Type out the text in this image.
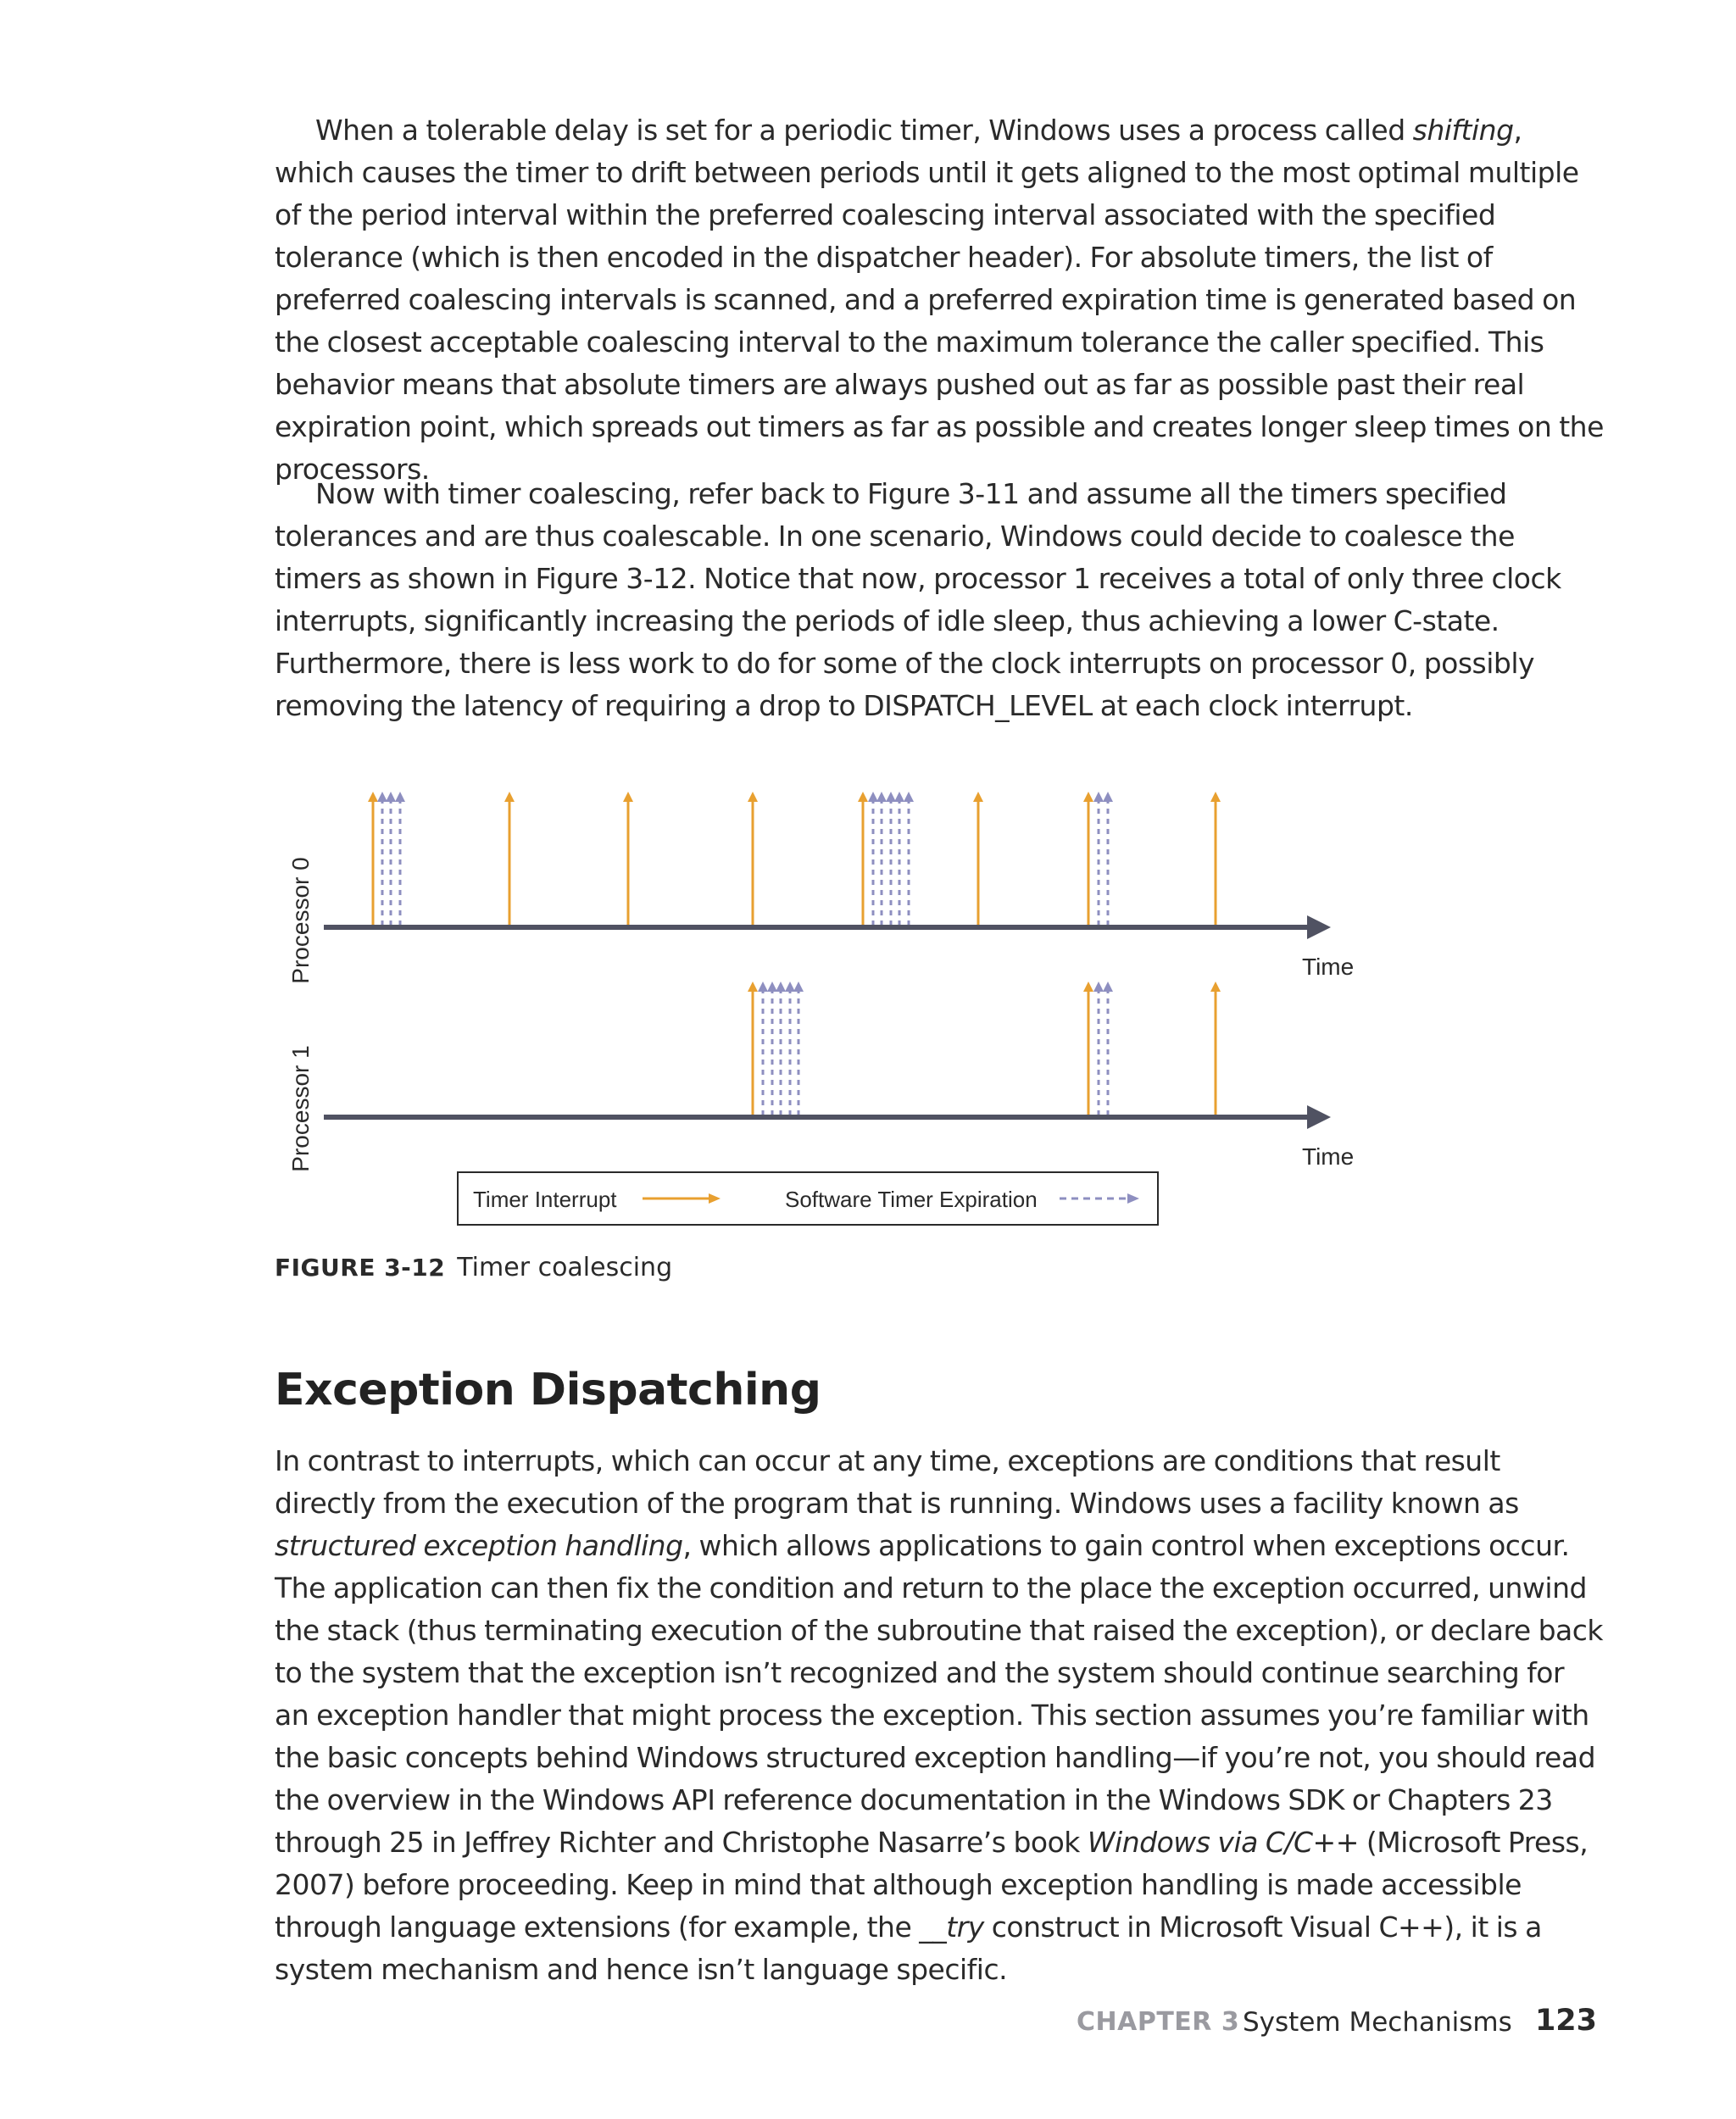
When a tolerable delay is set for a periodic timer, Windows uses a process called shifting, which causes the timer to drift between periods until it gets aligned to the most optimal multiple of the period interval within the preferred coalescing interval associated with the specified tolerance (which is then encoded in the dispatcher header). For absolute timers, the list of preferred coalescing intervals is scanned, and a preferred expiration time is generated based on the closest acceptable coalescing interval to the maximum tolerance the caller specified. This behavior means that absolute timers are always pushed out as far as possible past their real expiration point, which spreads out timers as far as possible and creates longer sleep times on the processors.

Now with timer coalescing, refer back to Figure 3-11 and assume all the timers specified tolerances and are thus coalescable. In one scenario, Windows could decide to coalesce the timers as shown in Figure 3-12. Notice that now, processor 1 receives a total of only three clock interrupts, significantly increasing the periods of idle sleep, thus achieving a lower C-state. Furthermore, there is less work to do for some of the clock interrupts on processor 0, possibly removing the latency of requiring a drop to DISPATCH_LEVEL at each clock interrupt.

Processor 0
Processor 1
Time
Time
Timer Interrupt	Software Timer Expiration

FIGURE 3-12 Timer coalescing

Exception Dispatching

In contrast to interrupts, which can occur at any time, exceptions are conditions that result directly from the execution of the program that is running. Windows uses a facility known as structured exception handling, which allows applications to gain control when exceptions occur. The application can then fix the condition and return to the place the exception occurred, unwind the stack (thus terminating execution of the subroutine that raised the exception), or declare back to the system that the exception isn’t recognized and the system should continue searching for an exception handler that might process the exception. This section assumes you’re familiar with the basic concepts behind Windows structured exception handling—if you’re not, you should read the overview in the Windows API reference documentation in the Windows SDK or Chapters 23 through 25 in Jeffrey Richter and Christophe Nasarre’s book Windows via C/C++ (Microsoft Press, 2007) before proceeding. Keep in mind that although exception handling is made accessible through language extensions (for example, the __try construct in Microsoft Visual C++), it is a system mechanism and hence isn’t language specific.

CHAPTER 3 System Mechanisms 123
